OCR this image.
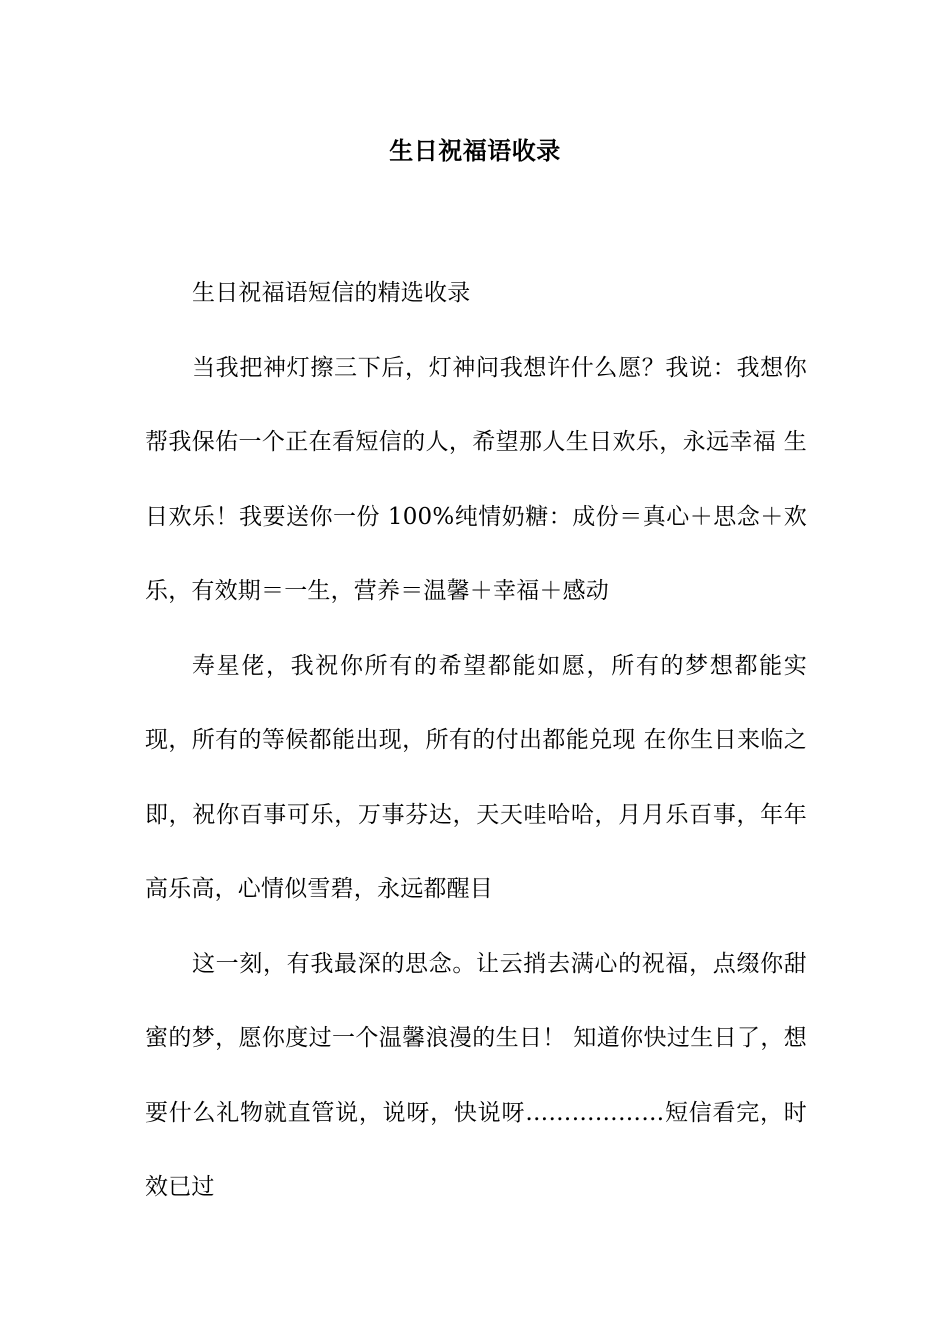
生日祝福语收录

生日祝福语短信的精选收录

当我把神灯擦三下后，灯神问我想许什么愿？我说：我想你帮我保佑一个正在看短信的人，希望那人生日欢乐，永远幸福 生日欢乐！我要送你一份 100%纯情奶糖：成份＝真心＋思念＋欢乐，有效期＝一生，营养＝温馨＋幸福＋感动

寿星佬，我祝你所有的希望都能如愿，所有的梦想都能实现，所有的等候都能出现，所有的付出都能兑现 在你生日来临之即，祝你百事可乐，万事芬达，天天哇哈哈，月月乐百事，年年高乐高，心情似雪碧，永远都醒目

这一刻，有我最深的思念。让云捎去满心的祝福，点缀你甜蜜的梦，愿你度过一个温馨浪漫的生日！ 知道你快过生日了，想要什么礼物就直管说，说呀，快说呀………………短信看完，时效已过
